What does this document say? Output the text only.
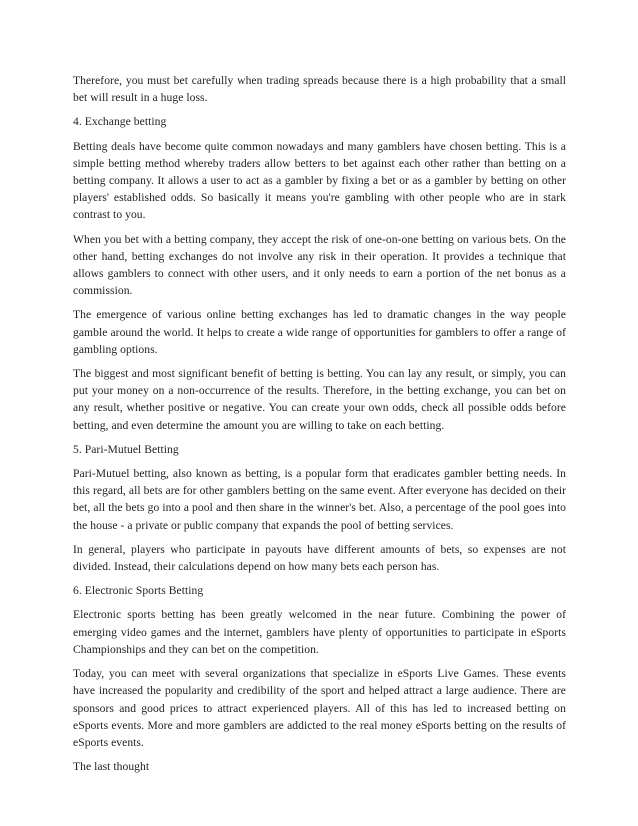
Therefore, you must bet carefully when trading spreads because there is a high probability that a small bet will result in a huge loss.

4. Exchange betting

Betting deals have become quite common nowadays and many gamblers have chosen betting. This is a simple betting method whereby traders allow betters to bet against each other rather than betting on a betting company. It allows a user to act as a gambler by fixing a bet or as a gambler by betting on other players' established odds. So basically it means you're gambling with other people who are in stark contrast to you.

When you bet with a betting company, they accept the risk of one-on-one betting on various bets. On the other hand, betting exchanges do not involve any risk in their operation. It provides a technique that allows gamblers to connect with other users, and it only needs to earn a portion of the net bonus as a commission.

The emergence of various online betting exchanges has led to dramatic changes in the way people gamble around the world. It helps to create a wide range of opportunities for gamblers to offer a range of gambling options.

The biggest and most significant benefit of betting is betting. You can lay any result, or simply, you can put your money on a non-occurrence of the results. Therefore, in the betting exchange, you can bet on any result, whether positive or negative. You can create your own odds, check all possible odds before betting, and even determine the amount you are willing to take on each betting.

5. Pari-Mutuel Betting

Pari-Mutuel betting, also known as betting, is a popular form that eradicates gambler betting needs. In this regard, all bets are for other gamblers betting on the same event. After everyone has decided on their bet, all the bets go into a pool and then share in the winner's bet. Also, a percentage of the pool goes into the house - a private or public company that expands the pool of betting services.

In general, players who participate in payouts have different amounts of bets, so expenses are not divided. Instead, their calculations depend on how many bets each person has.

6. Electronic Sports Betting

Electronic sports betting has been greatly welcomed in the near future. Combining the power of emerging video games and the internet, gamblers have plenty of opportunities to participate in eSports Championships and they can bet on the competition.

Today, you can meet with several organizations that specialize in eSports Live Games. These events have increased the popularity and credibility of the sport and helped attract a large audience. There are sponsors and good prices to attract experienced players. All of this has led to increased betting on eSports events. More and more gamblers are addicted to the real money eSports betting on the results of eSports events.

The last thought
